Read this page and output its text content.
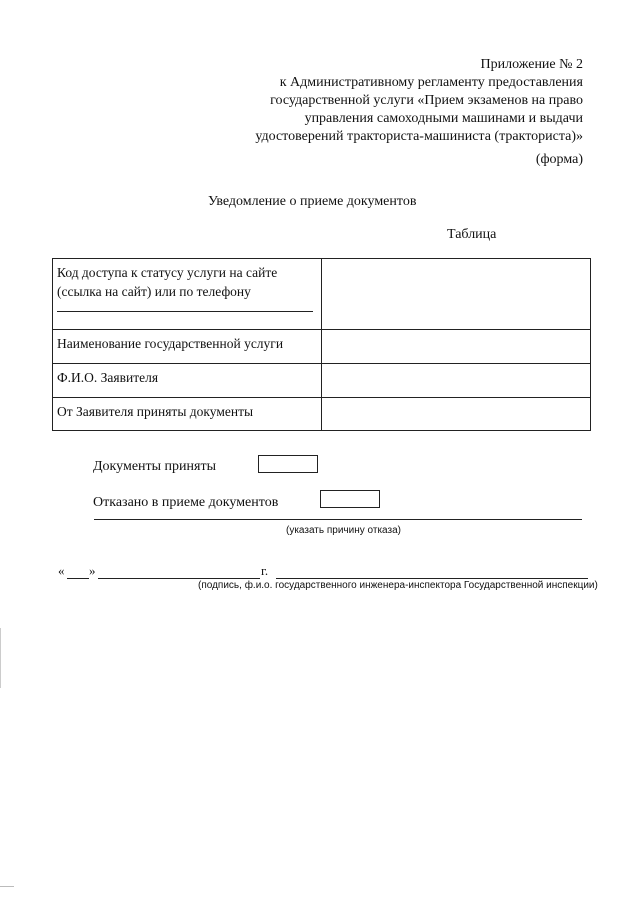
Приложение № 2
к Административному регламенту предоставления
государственной услуги «Прием экзаменов на право
управления самоходными машинами и выдачи
удостоверений тракториста-машиниста (тракториста)»
(форма)
Уведомление о приеме документов
Таблица
Код доступа к статусу услуги на сайте
(ссылка на сайт) или по телефону	

Наименование государственной услуги	
Ф.И.О. Заявителя	
От Заявителя приняты документы	
Документы приняты
Отказано в приеме документов
(указать причину отказа)
« »	г.
(подпись, ф.и.о. государственного инженера-инспектора Государственной инспекции)
